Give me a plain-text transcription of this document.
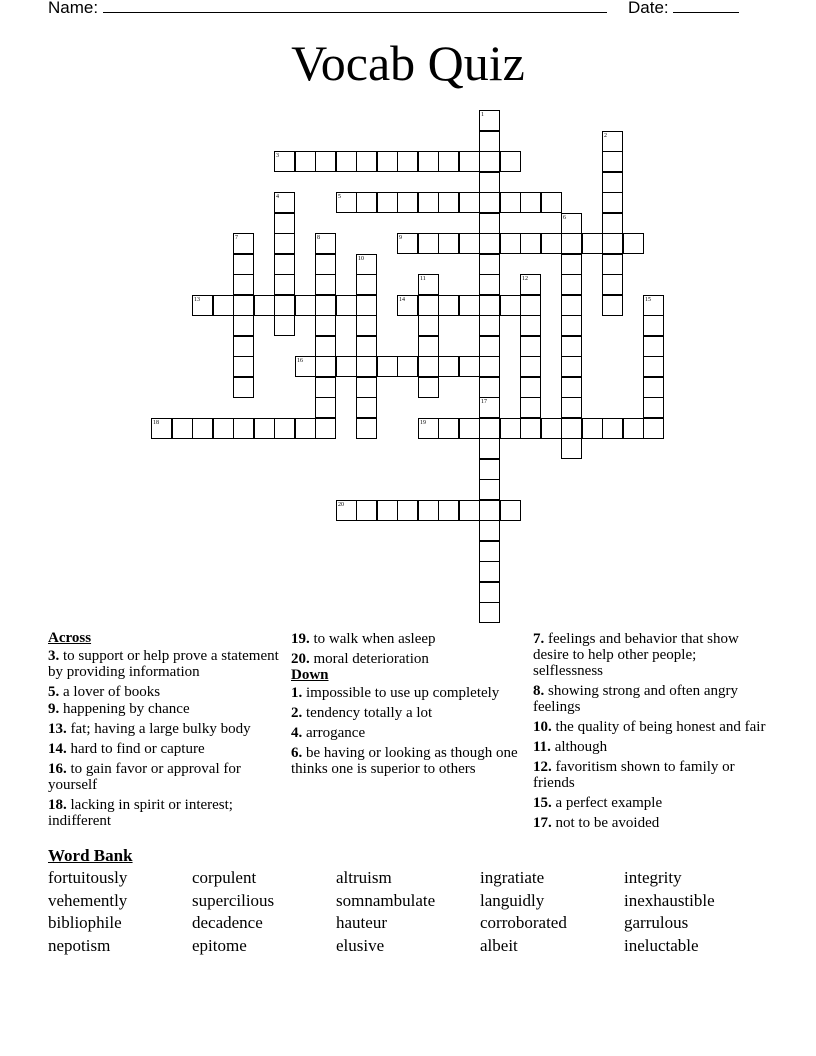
Name:	Date:
Vocab Quiz
1
2
3
4	5
6
7	8	9
10
11	12
13	14	15
16
17
18	19
20
Across
3. to support or help prove a statement by providing information
5. a lover of books
9. happening by chance
13. fat; having a large bulky body
14. hard to find or capture
16. to gain favor or approval for yourself
18. lacking in spirit or interest; indifferent
19. to walk when asleep
20. moral deterioration
Down
1. impossible to use up completely
2. tendency totally a lot
4. arrogance
6. be having or looking as though one thinks one is superior to others
7. feelings and behavior that show desire to help other people; selflessness
8. showing strong and often angry feelings
10. the quality of being honest and fair
11. although
12. favoritism shown to family or friends
15. a perfect example
17. not to be avoided
Word Bank
fortuitously	corpulent	altruism	ingratiate	integrity
vehemently	supercilious	somnambulate	languidly	inexhaustible
bibliophile	decadence	hauteur	corroborated	garrulous
nepotism	epitome	elusive	albeit	ineluctable
